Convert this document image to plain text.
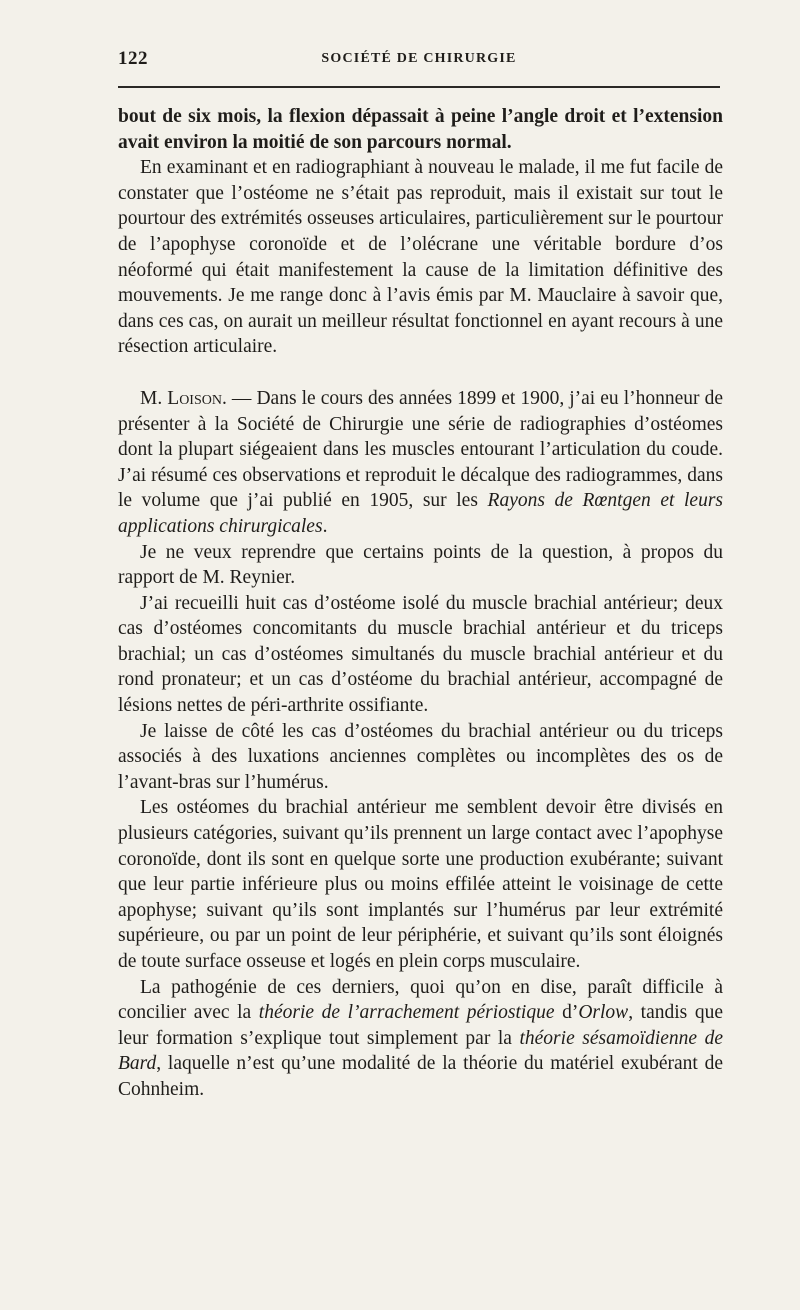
122	SOCIÉTÉ DE CHIRURGIE

bout de six mois, la flexion dépassait à peine l’angle droit et l’extension avait environ la moitié de son parcours normal.

En examinant et en radiographiant à nouveau le malade, il me fut facile de constater que l’ostéome ne s’était pas reproduit, mais il existait sur tout le pourtour des extrémités osseuses articulaires, particulièrement sur le pourtour de l’apophyse coronoïde et de l’olécrane une véritable bordure d’os néoformé qui était manifestement la cause de la limitation définitive des mouvements. Je me range donc à l’avis émis par M. Mauclaire à savoir que, dans ces cas, on aurait un meilleur résultat fonctionnel en ayant recours à une résection articulaire.

M. Loison. — Dans le cours des années 1899 et 1900, j’ai eu l’honneur de présenter à la Société de Chirurgie une série de radiographies d’ostéomes dont la plupart siégeaient dans les muscles entourant l’articulation du coude. J’ai résumé ces observations et reproduit le décalque des radiogrammes, dans le volume que j’ai publié en 1905, sur les Rayons de Rœntgen et leurs applications chirurgicales.

Je ne veux reprendre que certains points de la question, à propos du rapport de M. Reynier.

J’ai recueilli huit cas d’ostéome isolé du muscle brachial antérieur; deux cas d’ostéomes concomitants du muscle brachial antérieur et du triceps brachial; un cas d’ostéomes simultanés du muscle brachial antérieur et du rond pronateur; et un cas d’ostéome du brachial antérieur, accompagné de lésions nettes de péri-arthrite ossifiante.

Je laisse de côté les cas d’ostéomes du brachial antérieur ou du triceps associés à des luxations anciennes complètes ou incomplètes des os de l’avant-bras sur l’humérus.

Les ostéomes du brachial antérieur me semblent devoir être divisés en plusieurs catégories, suivant qu’ils prennent un large contact avec l’apophyse coronoïde, dont ils sont en quelque sorte une production exubérante; suivant que leur partie inférieure plus ou moins effilée atteint le voisinage de cette apophyse; suivant qu’ils sont implantés sur l’humérus par leur extrémité supérieure, ou par un point de leur périphérie, et suivant qu’ils sont éloignés de toute surface osseuse et logés en plein corps musculaire.

La pathogénie de ces derniers, quoi qu’on en dise, paraît difficile à concilier avec la théorie de l’arrachement périostique d’Orlow, tandis que leur formation s’explique tout simplement par la théorie sésamoïdienne de Bard, laquelle n’est qu’une modalité de la théorie du matériel exubérant de Cohnheim.
